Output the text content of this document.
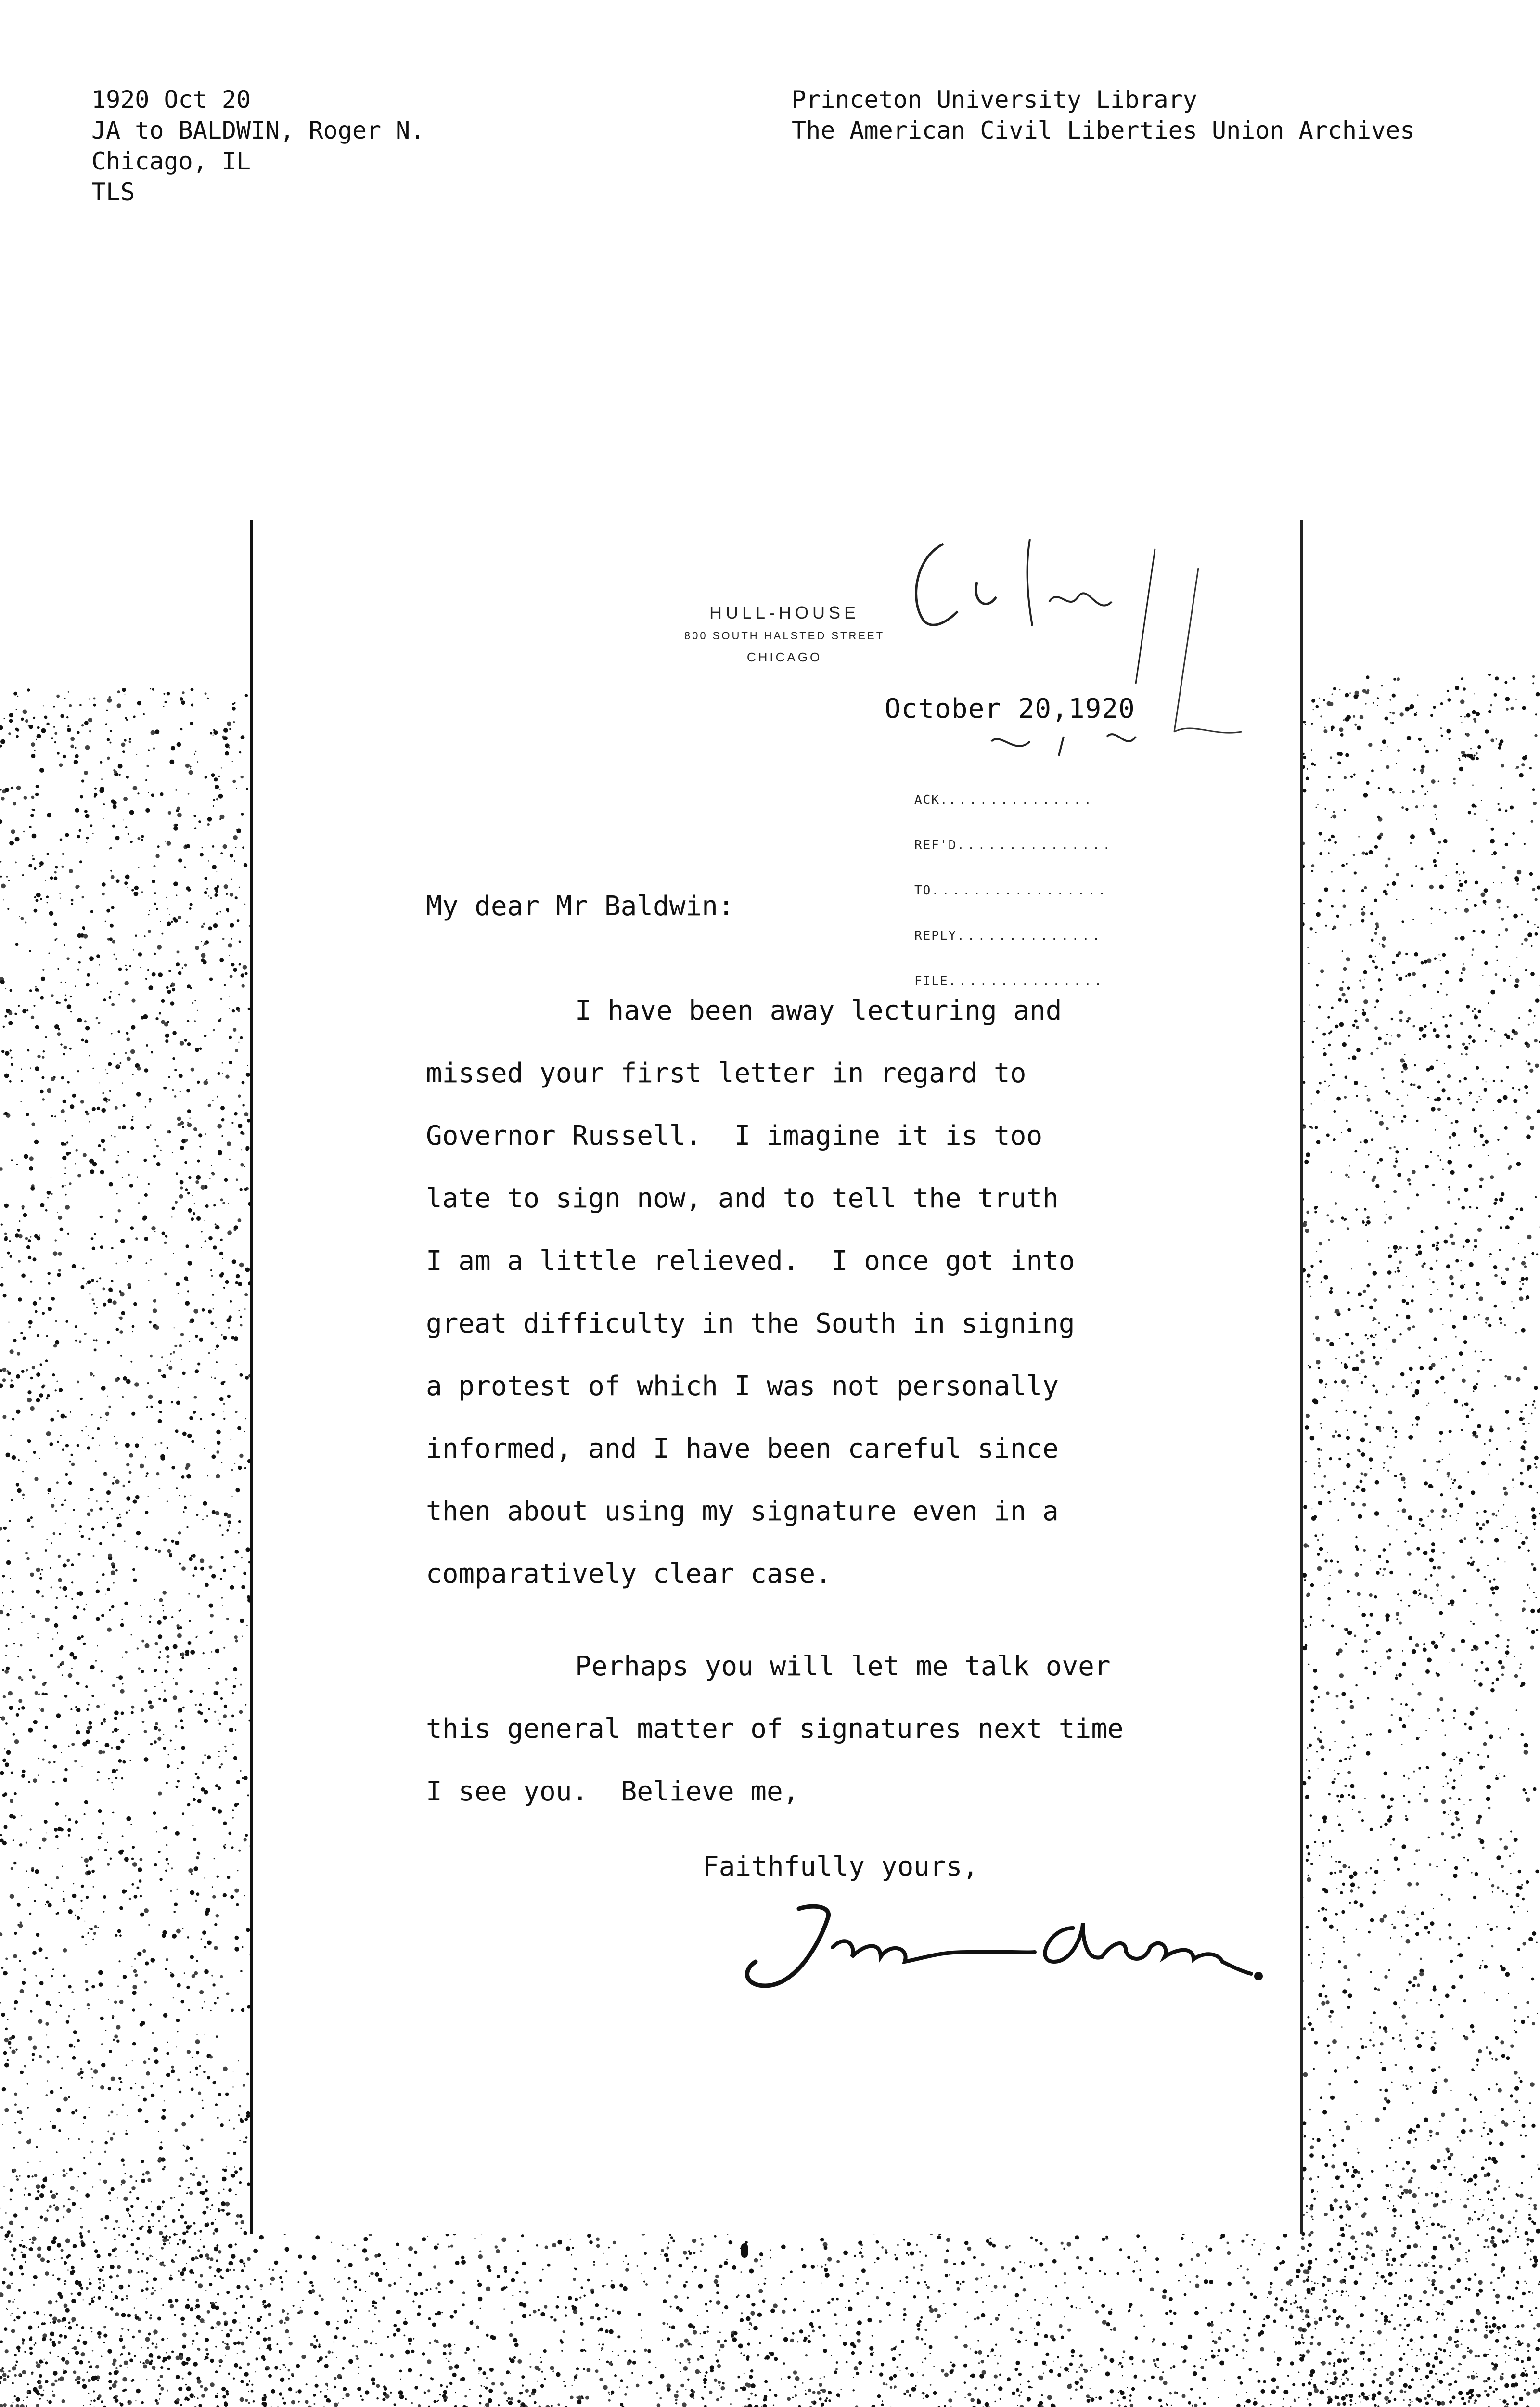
1920 Oct 20
JA to BALDWIN, Roger N.
Chicago, IL
TLS
Princeton University Library
The American Civil Liberties Union Archives
HULL-HOUSE
800 SOUTH HALSTED STREET
CHICAGO
October 20,1920
ACK...............
REF'D...............
TO.................
REPLY..............
FILE...............
My dear Mr Baldwin:

I have been away lecturing and
missed your first letter in regard to
Governor Russell.  I imagine it is too
late to sign now, and to tell the truth
I am a little relieved.  I once got into
great difficulty in the South in signing
a protest of which I was not personally
informed, and I have been careful since
then about using my signature even in a
comparatively clear case.

Perhaps you will let me talk over
this general matter of signatures next time
I see you.  Believe me,

Faithfully yours,
